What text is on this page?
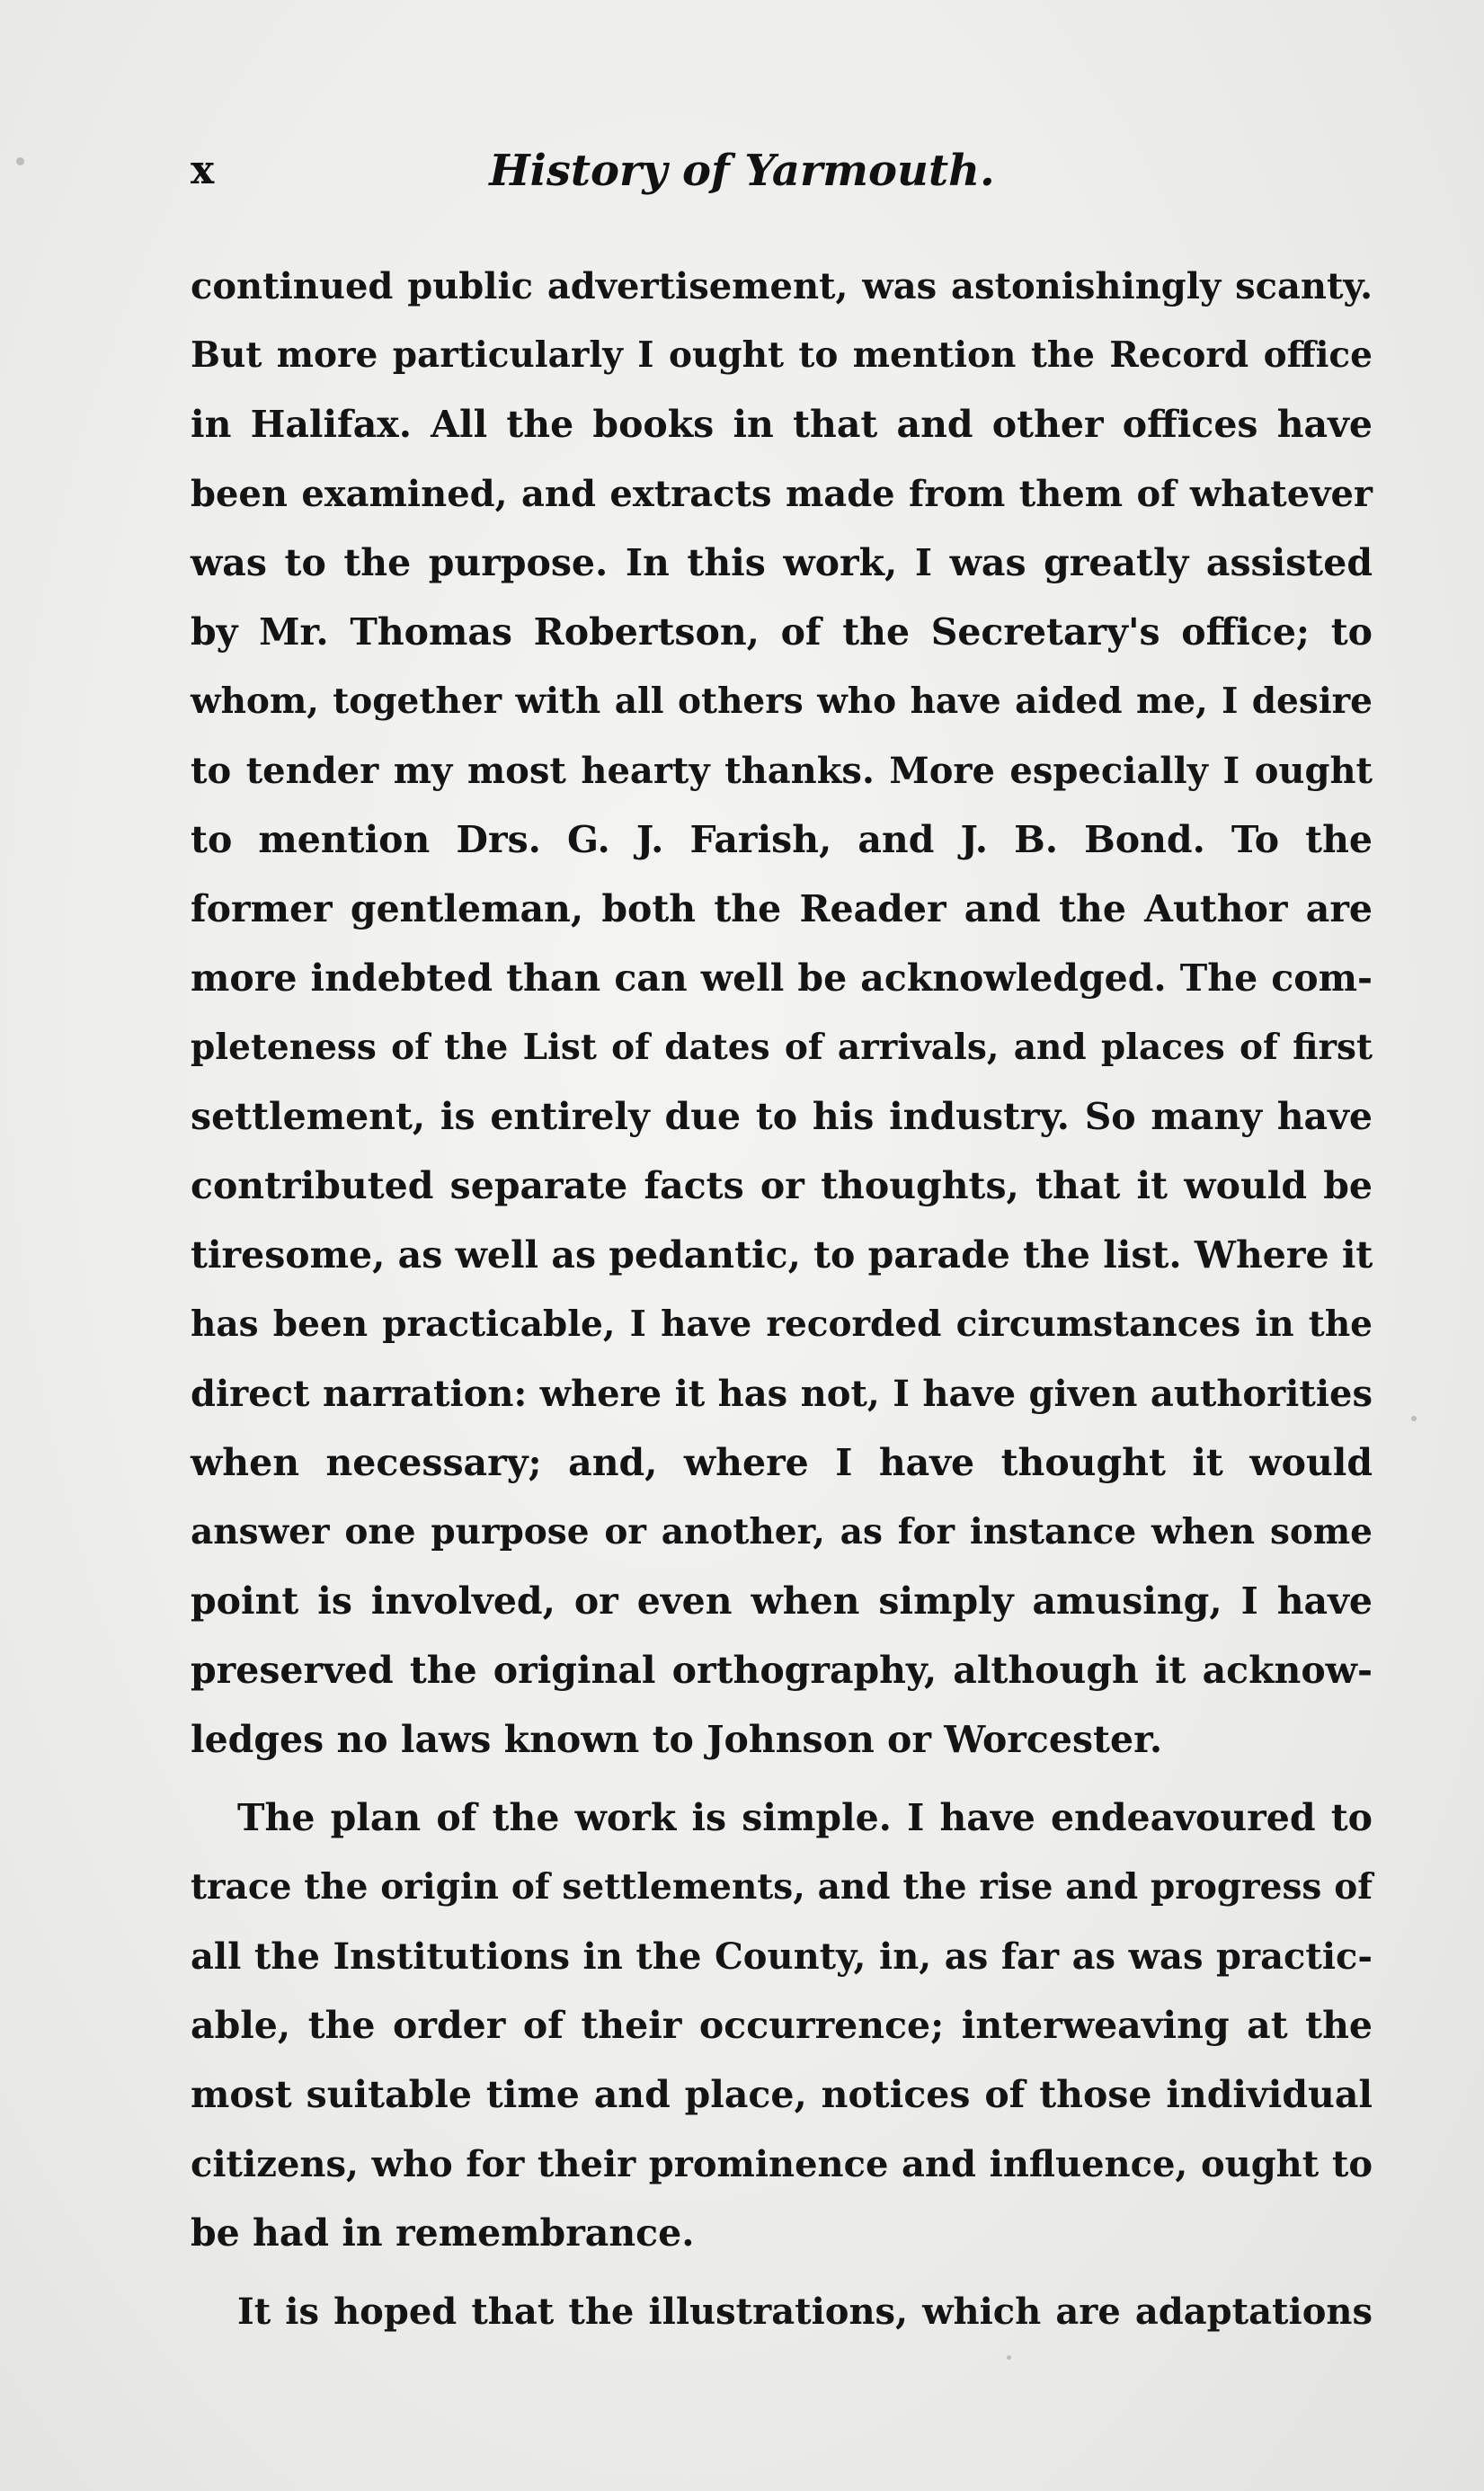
x	History of Yarmouth.
continued public advertisement, was astonishingly scanty.
But more particularly I ought to mention the Record office
in Halifax. All the books in that and other offices have
been examined, and extracts made from them of whatever
was to the purpose. In this work, I was greatly assisted
by Mr. Thomas Robertson, of the Secretary's office; to
whom, together with all others who have aided me, I desire
to tender my most hearty thanks. More especially I ought
to mention Drs. G. J. Farish, and J. B. Bond. To the
former gentleman, both the Reader and the Author are
more indebted than can well be acknowledged. The com-
pleteness of the List of dates of arrivals, and places of first
settlement, is entirely due to his industry. So many have
contributed separate facts or thoughts, that it would be
tiresome, as well as pedantic, to parade the list. Where it
has been practicable, I have recorded circumstances in the
direct narration: where it has not, I have given authorities
when necessary; and, where I have thought it would
answer one purpose or another, as for instance when some
point is involved, or even when simply amusing, I have
preserved the original orthography, although it acknow-
ledges no laws known to Johnson or Worcester.
The plan of the work is simple. I have endeavoured to
trace the origin of settlements, and the rise and progress of
all the Institutions in the County, in, as far as was practic-
able, the order of their occurrence; interweaving at the
most suitable time and place, notices of those individual
citizens, who for their prominence and influence, ought to
be had in remembrance.
It is hoped that the illustrations, which are adaptations
